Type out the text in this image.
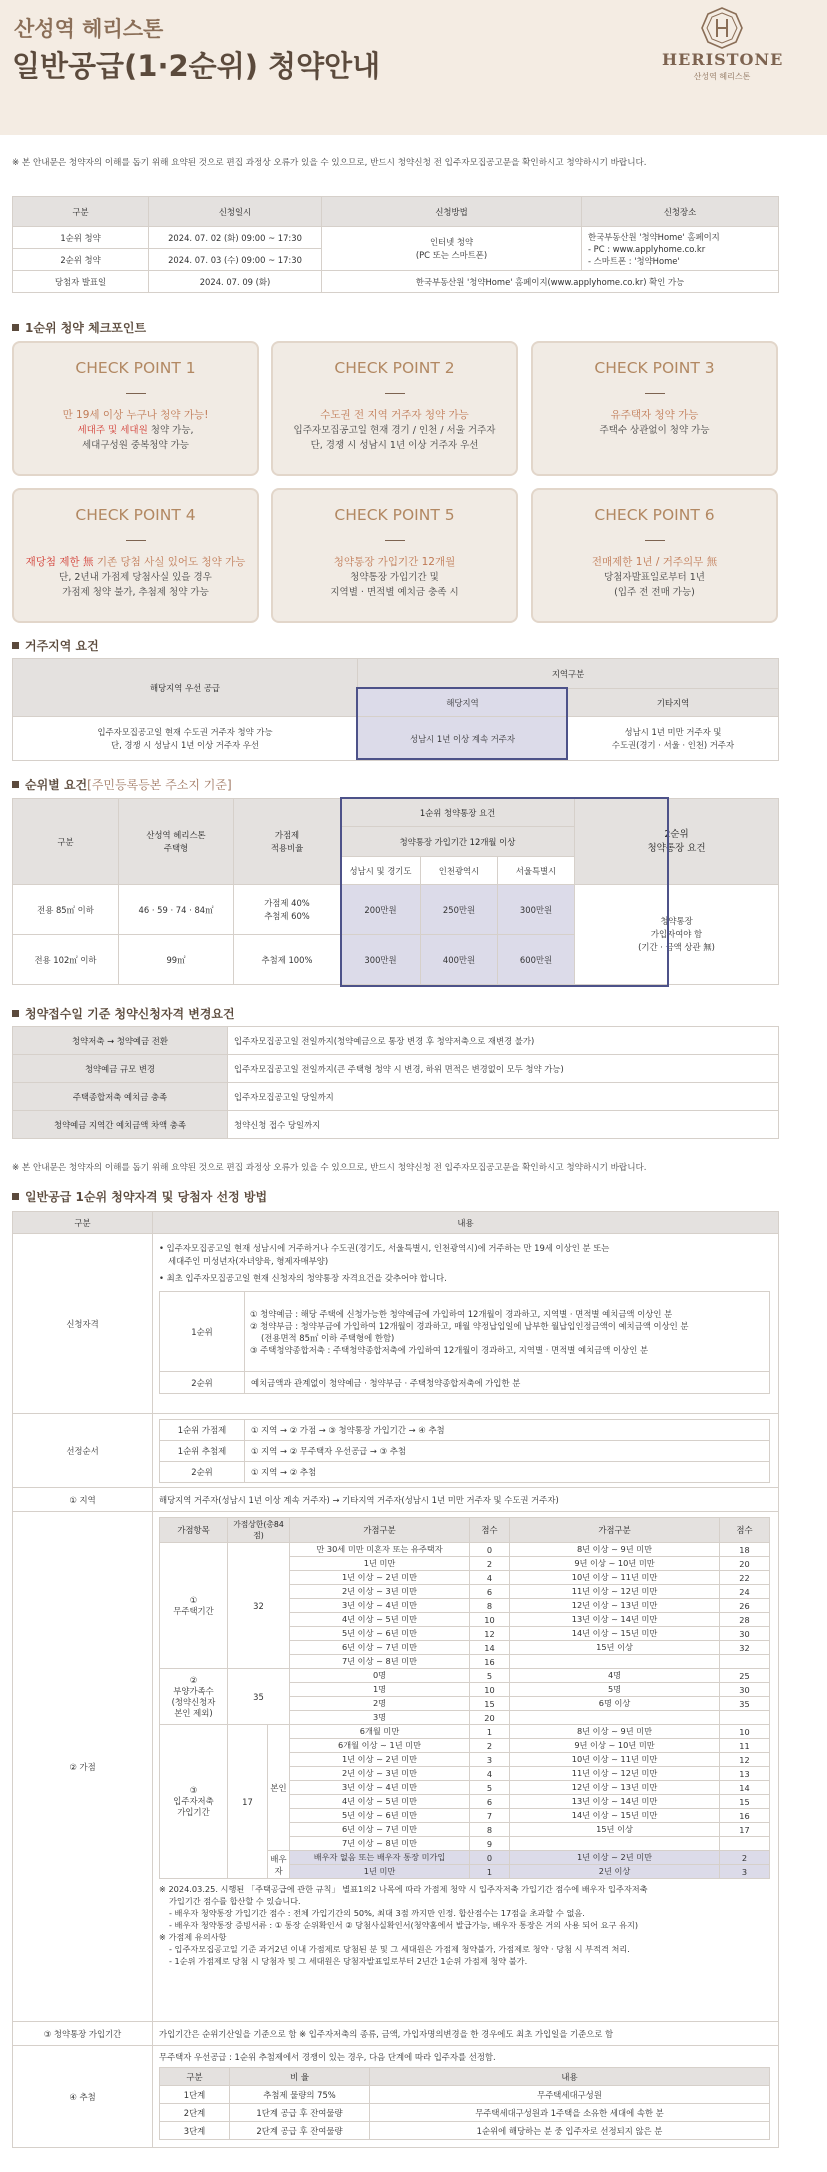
산성역 헤리스톤
일반공급(1·2순위) 청약안내	HERISTONE
산성역 헤리스톤
※ 본 안내문은 청약자의 이해를 돕기 위해 요약된 것으로 편집 과정상 오류가 있을 수 있으므로, 반드시 청약신청 전 입주자모집공고문을 확인하시고 청약하시기 바랍니다.
구분	신청일시	신청방법	신청장소
1순위 청약	2024. 07. 02 (화) 09:00 ~ 17:30	인터넷 청약
(PC 또는 스마트폰)	한국부동산원 '청약Home' 홈페이지
- PC : www.applyhome.co.kr
- 스마트폰 : '청약Home'
2순위 청약	2024. 07. 03 (수) 09:00 ~ 17:30		
당첨자 발표일	2024. 07. 09 (화)	한국부동산원 '청약Home' 홈페이지(www.applyhome.co.kr) 확인 가능	
1순위 청약 체크포인트
CHECK POINT 1
만 19세 이상 누구나 청약 가능!
세대주 및 세대원 청약 가능,
세대구성원 중복청약 가능
CHECK POINT 2
수도권 전 지역 거주자 청약 가능
입주자모집공고일 현재 경기 / 인천 / 서울 거주자
단, 경쟁 시 성남시 1년 이상 거주자 우선
CHECK POINT 3
유주택자 청약 가능
주택수 상관없이 청약 가능
CHECK POINT 4
재당첨 제한 無 기존 당첨 사실 있어도 청약 가능
단, 2년내 가점제 당첨사실 있을 경우
가점제 청약 불가, 추첨제 청약 가능
CHECK POINT 5
청약통장 가입기간 12개월
청약통장 가입기간 및
지역별 · 면적별 예치금 충족 시
CHECK POINT 6
전매제한 1년 / 거주의무 無
당첨자발표일로부터 1년
(입주 전 전매 가능)
거주지역 요건
해당지역 우선 공급	지역구분	
	해당지역	기타지역
입주자모집공고일 현재 수도권 거주자 청약 가능
단, 경쟁 시 성남시 1년 이상 거주자 우선	성남시 1년 이상 계속 거주자	성남시 1년 미만 거주자 및
수도권(경기 · 서울 · 인천) 거주자
순위별 요건[주민등록등본 주소지 기준]
구분	산성역 헤리스톤
주택형	가점제
적용비율	1순위 청약통장 요건			2순위
청약통장 요건
			청약통장 가입기간 12개월 이상			
			성남시 및 경기도	인천광역시	서울특별시	
전용 85㎡ 이하	46 · 59 · 74 · 84㎡	가점제 40%
추첨제 60%	200만원	250만원	300만원	청약통장
가입자여야 함
(기간 · 금액 상관 無)
전용 102㎡ 이하	99㎡	추첨제 100%	300만원	400만원	600만원	
청약접수일 기준 청약신청자격 변경요건
청약저축 → 청약예금 전환	입주자모집공고일 전일까지(청약예금으로 통장 변경 후 청약저축으로 재변경 불가)
청약예금 규모 변경	입주자모집공고일 전일까지(큰 주택형 청약 시 변경, 하위 면적은 변경없이 모두 청약 가능)
주택종합저축 예치금 충족	입주자모집공고일 당일까지
청약예금 지역간 예치금액 차액 충족	청약신청 접수 당일까지
※ 본 안내문은 청약자의 이해를 돕기 위해 요약된 것으로 편집 과정상 오류가 있을 수 있으므로, 반드시 청약신청 전 입주자모집공고문을 확인하시고 청약하시기 바랍니다.
일반공급 1순위 청약자격 및 당첨자 선정 방법
구분	내용
신청자격	
• 입주자모집공고일 현재 성남시에 거주하거나 수도권(경기도, 서울특별시, 인천광역시)에 거주하는 만 19세 이상인 분 또는
세대주인 미성년자(자녀양육, 형제자매부양)
• 최초 입주자모집공고일 현재 신청자의 청약통장 자격요건을 갖추어야 합니다.
1순위	
① 청약예금 : 해당 주택에 신청가능한 청약예금에 가입하여 12개월이 경과하고, 지역별 · 면적별 예치금액 이상인 분
② 청약부금 : 청약부금에 가입하여 12개월이 경과하고, 매월 약정납입일에 납부한 월납입인정금액이 예치금액 이상인 분
(전용면적 85㎡ 이하 주택형에 한함)
③ 주택청약종합저축 : 주택청약종합저축에 가입하여 12개월이 경과하고, 지역별 · 면적별 예치금액 이상인 분

2순위	예치금액과 관계없이 청약예금 · 청약부금 · 주택청약종합저축에 가입한 분

선정순서	
1순위 가점제	① 지역 → ② 가점 → ③ 청약통장 가입기간 → ④ 추첨
1순위 추첨제	① 지역 → ② 무주택자 우선공급 → ③ 추첨
2순위	① 지역 → ② 추첨

① 지역	해당지역 거주자(성남시 1년 이상 계속 거주자) → 기타지역 거주자(성남시 1년 미만 거주자 및 수도권 거주자)
② 가점	
가점항목	가점상한(총84점)	가점구분	점수	가점구분	점수
①
무주택기간	32	만 30세 미만 미혼자 또는 유주택자	0	8년 이상 ~ 9년 미만	18
1년 미만	2	9년 이상 ~ 10년 미만	20
1년 이상 ~ 2년 미만	4	10년 이상 ~ 11년 미만	22
2년 이상 ~ 3년 미만	6	11년 이상 ~ 12년 미만	24
3년 이상 ~ 4년 미만	8	12년 이상 ~ 13년 미만	26
4년 이상 ~ 5년 미만	10	13년 이상 ~ 14년 미만	28
5년 이상 ~ 6년 미만	12	14년 이상 ~ 15년 미만	30
6년 이상 ~ 7년 미만	14	15년 이상	32
7년 이상 ~ 8년 미만	16		
②
부양가족수
(청약신청자
본인 제외)	35	0명	5	4명	25
1명	10	5명	30
2명	15	6명 이상	35
3명	20		
③
입주자저축
가입기간	17	본인	6개월 미만	1	8년 이상 ~ 9년 미만	10
6개월 이상 ~ 1년 미만	2	9년 이상 ~ 10년 미만	11
1년 이상 ~ 2년 미만	3	10년 이상 ~ 11년 미만	12
2년 이상 ~ 3년 미만	4	11년 이상 ~ 12년 미만	13
3년 이상 ~ 4년 미만	5	12년 이상 ~ 13년 미만	14
4년 이상 ~ 5년 미만	6	13년 이상 ~ 14년 미만	15
5년 이상 ~ 6년 미만	7	14년 이상 ~ 15년 미만	16
6년 이상 ~ 7년 미만	8	15년 이상	17
7년 이상 ~ 8년 미만	9		
배우자	배우자 없음 또는 배우자 통장 미가입	0	1년 이상 ~ 2년 미만	2
1년 미만	1	2년 이상	3
※ 2024.03.25. 시행된 「주택공급에 관한 규칙」 별표1의2 나목에 따라 가점제 청약 시 입주자저축 가입기간 점수에 배우자 입주자저축
가입기간 점수를 합산할 수 있습니다.
- 배우자 청약통장 가입기간 점수 : 전체 가입기간의 50%, 최대 3점 까지만 인정. 합산점수는 17점을 초과할 수 없음.
- 배우자 청약통장 증빙서류 : ① 통장 순위확인서 ② 당첨사실확인서(청약홈에서 발급가능, 배우자 통장은 거의 사용 되어 요구 유지)
※ 가점제 유의사항
- 입주자모집공고일 기준 과거2년 이내 가점제로 당첨된 분 및 그 세대원은 가점제 청약불가, 가점제로 청약 · 당첨 시 부적격 처리.
- 1순위 가점제로 당첨 시 당첨자 및 그 세대원은 당첨자발표일로부터 2년간 1순위 가점제 청약 불가.

③ 청약통장 가입기간	가입기간은 순위기산일을 기준으로 함 ※ 입주자저축의 종류, 금액, 가입자명의변경을 한 경우에도 최초 가입일을 기준으로 함
④ 추첨	
무주택자 우선공급 : 1순위 추첨제에서 경쟁이 있는 경우, 다음 단계에 따라 입주자를 선정함.
구분	비 율	내용
1단계	추첨제 물량의 75%	무주택세대구성원
2단계	1단계 공급 후 잔여물량	무주택세대구성원과 1주택을 소유한 세대에 속한 분
3단계	2단계 공급 후 잔여물량	1순위에 해당하는 분 중 입주자로 선정되지 않은 분
